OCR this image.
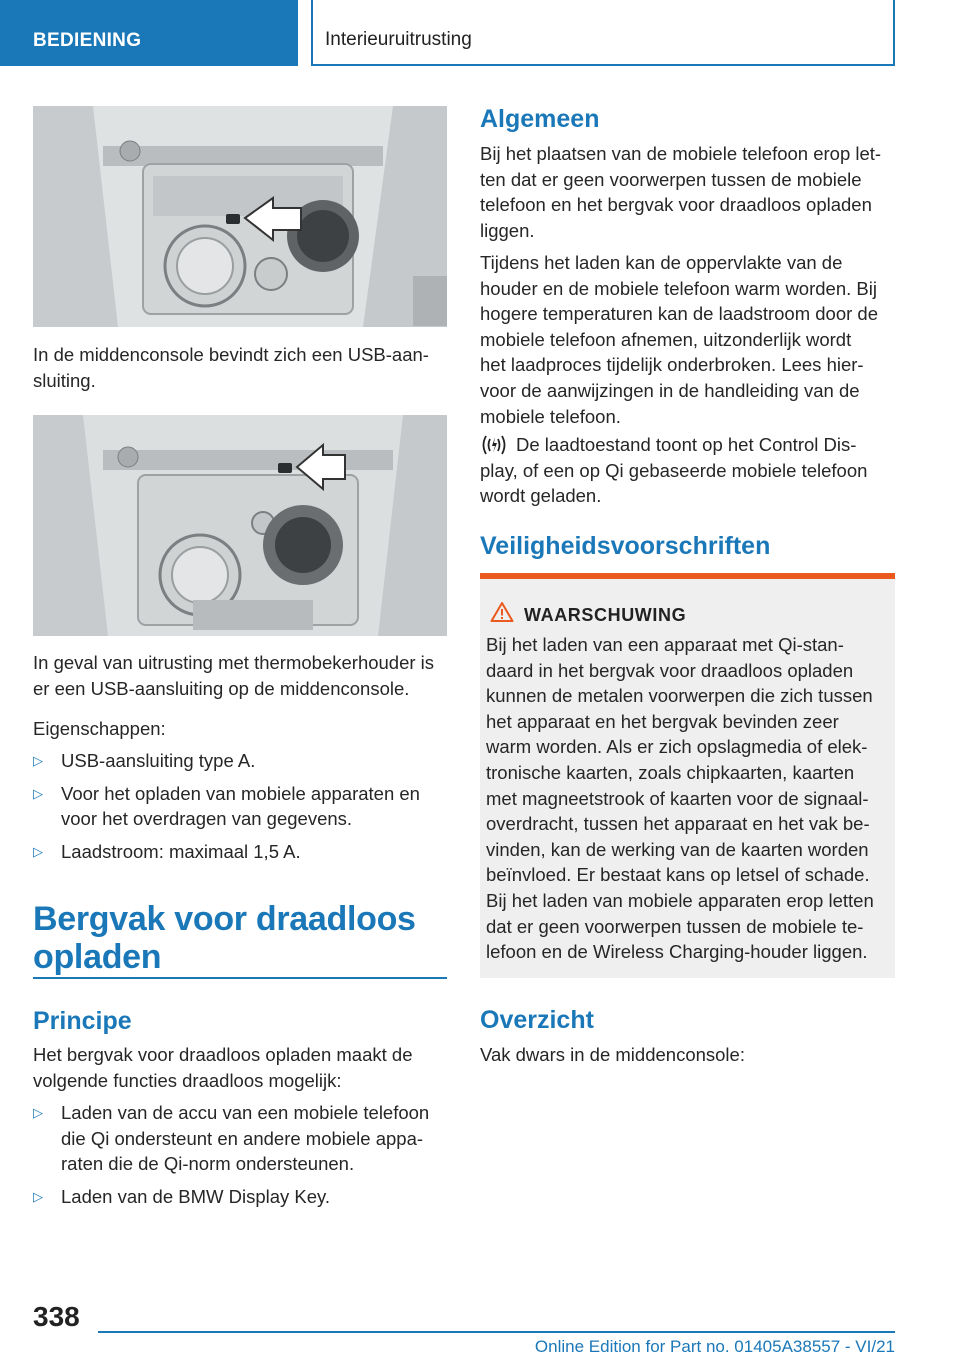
BEDIENING	Interieuruitrusting
In de middenconsole bevindt zich een USB-aan-
sluiting.
In geval van uitrusting met thermobekerhouder is
er een USB-aansluiting op de middenconsole.
Eigenschappen:
▷ USB-aansluiting type A.
▷ Voor het opladen van mobiele apparaten en
voor het overdragen van gegevens.
▷ Laadstroom: maximaal 1,5 A.
Bergvak voor draadloos
opladen
Principe
Het bergvak voor draadloos opladen maakt de
volgende functies draadloos mogelijk:
▷ Laden van de accu van een mobiele telefoon
die Qi ondersteunt en andere mobiele appa-
raten die de Qi-norm ondersteunen.
▷ Laden van de BMW Display Key.
Algemeen
Bij het plaatsen van de mobiele telefoon erop let-
ten dat er geen voorwerpen tussen de mobiele
telefoon en het bergvak voor draadloos opladen
liggen.
Tijdens het laden kan de oppervlakte van de
houder en de mobiele telefoon warm worden. Bij
hogere temperaturen kan de laadstroom door de
mobiele telefoon afnemen, uitzonderlijk wordt
het laadproces tijdelijk onderbroken. Lees hier-
voor de aanwijzingen in de handleiding van de
mobiele telefoon.
De laadtoestand toont op het Control Dis-
play, of een op Qi gebaseerde mobiele telefoon
wordt geladen.
Veiligheidsvoorschriften
WAARSCHUWING
Bij het laden van een apparaat met Qi-stan-
daard in het bergvak voor draadloos opladen
kunnen de metalen voorwerpen die zich tussen
het apparaat en het bergvak bevinden zeer
warm worden. Als er zich opslagmedia of elek-
tronische kaarten, zoals chipkaarten, kaarten
met magneetstrook of kaarten voor de signaal-
overdracht, tussen het apparaat en het vak be-
vinden, kan de werking van de kaarten worden
beïnvloed. Er bestaat kans op letsel of schade.
Bij het laden van mobiele apparaten erop letten
dat er geen voorwerpen tussen de mobiele te-
lefoon en de Wireless Charging-houder liggen.
Overzicht
Vak dwars in de middenconsole:
338
Online Edition for Part no. 01405A38557 - VI/21
